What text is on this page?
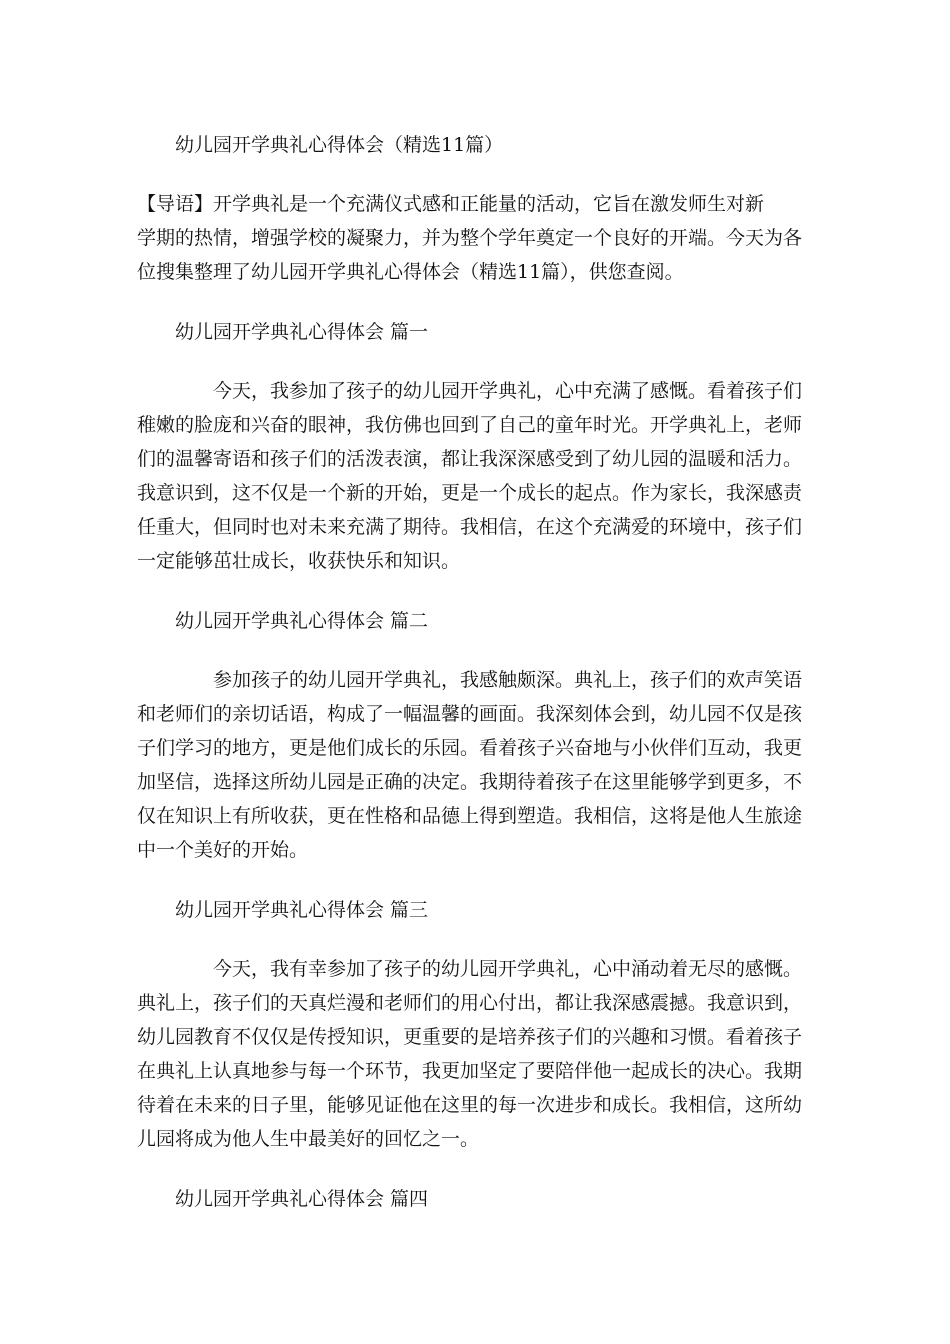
幼儿园开学典礼心得体会（精选11篇）

【导语】开学典礼是一个充满仪式感和正能量的活动，它旨在激发师生对新

学期的热情，增强学校的凝聚力，并为整个学年奠定一个良好的开端。今天为各

位搜集整理了幼儿园开学典礼心得体会（精选11篇），供您查阅。

幼儿园开学典礼心得体会 篇一

今天，我参加了孩子的幼儿园开学典礼，心中充满了感慨。看着孩子们

稚嫩的脸庞和兴奋的眼神，我仿佛也回到了自己的童年时光。开学典礼上，老师

们的温馨寄语和孩子们的活泼表演，都让我深深感受到了幼儿园的温暖和活力。

我意识到，这不仅是一个新的开始，更是一个成长的起点。作为家长，我深感责

任重大，但同时也对未来充满了期待。我相信，在这个充满爱的环境中，孩子们

一定能够茁壮成长，收获快乐和知识。

幼儿园开学典礼心得体会 篇二

参加孩子的幼儿园开学典礼，我感触颇深。典礼上，孩子们的欢声笑语

和老师们的亲切话语，构成了一幅温馨的画面。我深刻体会到，幼儿园不仅是孩

子们学习的地方，更是他们成长的乐园。看着孩子兴奋地与小伙伴们互动，我更

加坚信，选择这所幼儿园是正确的决定。我期待着孩子在这里能够学到更多，不

仅在知识上有所收获，更在性格和品德上得到塑造。我相信，这将是他人生旅途

中一个美好的开始。

幼儿园开学典礼心得体会 篇三

今天，我有幸参加了孩子的幼儿园开学典礼，心中涌动着无尽的感慨。

典礼上，孩子们的天真烂漫和老师们的用心付出，都让我深感震撼。我意识到，

幼儿园教育不仅仅是传授知识，更重要的是培养孩子们的兴趣和习惯。看着孩子

在典礼上认真地参与每一个环节，我更加坚定了要陪伴他一起成长的决心。我期

待着在未来的日子里，能够见证他在这里的每一次进步和成长。我相信，这所幼

儿园将成为他人生中最美好的回忆之一。

幼儿园开学典礼心得体会 篇四
